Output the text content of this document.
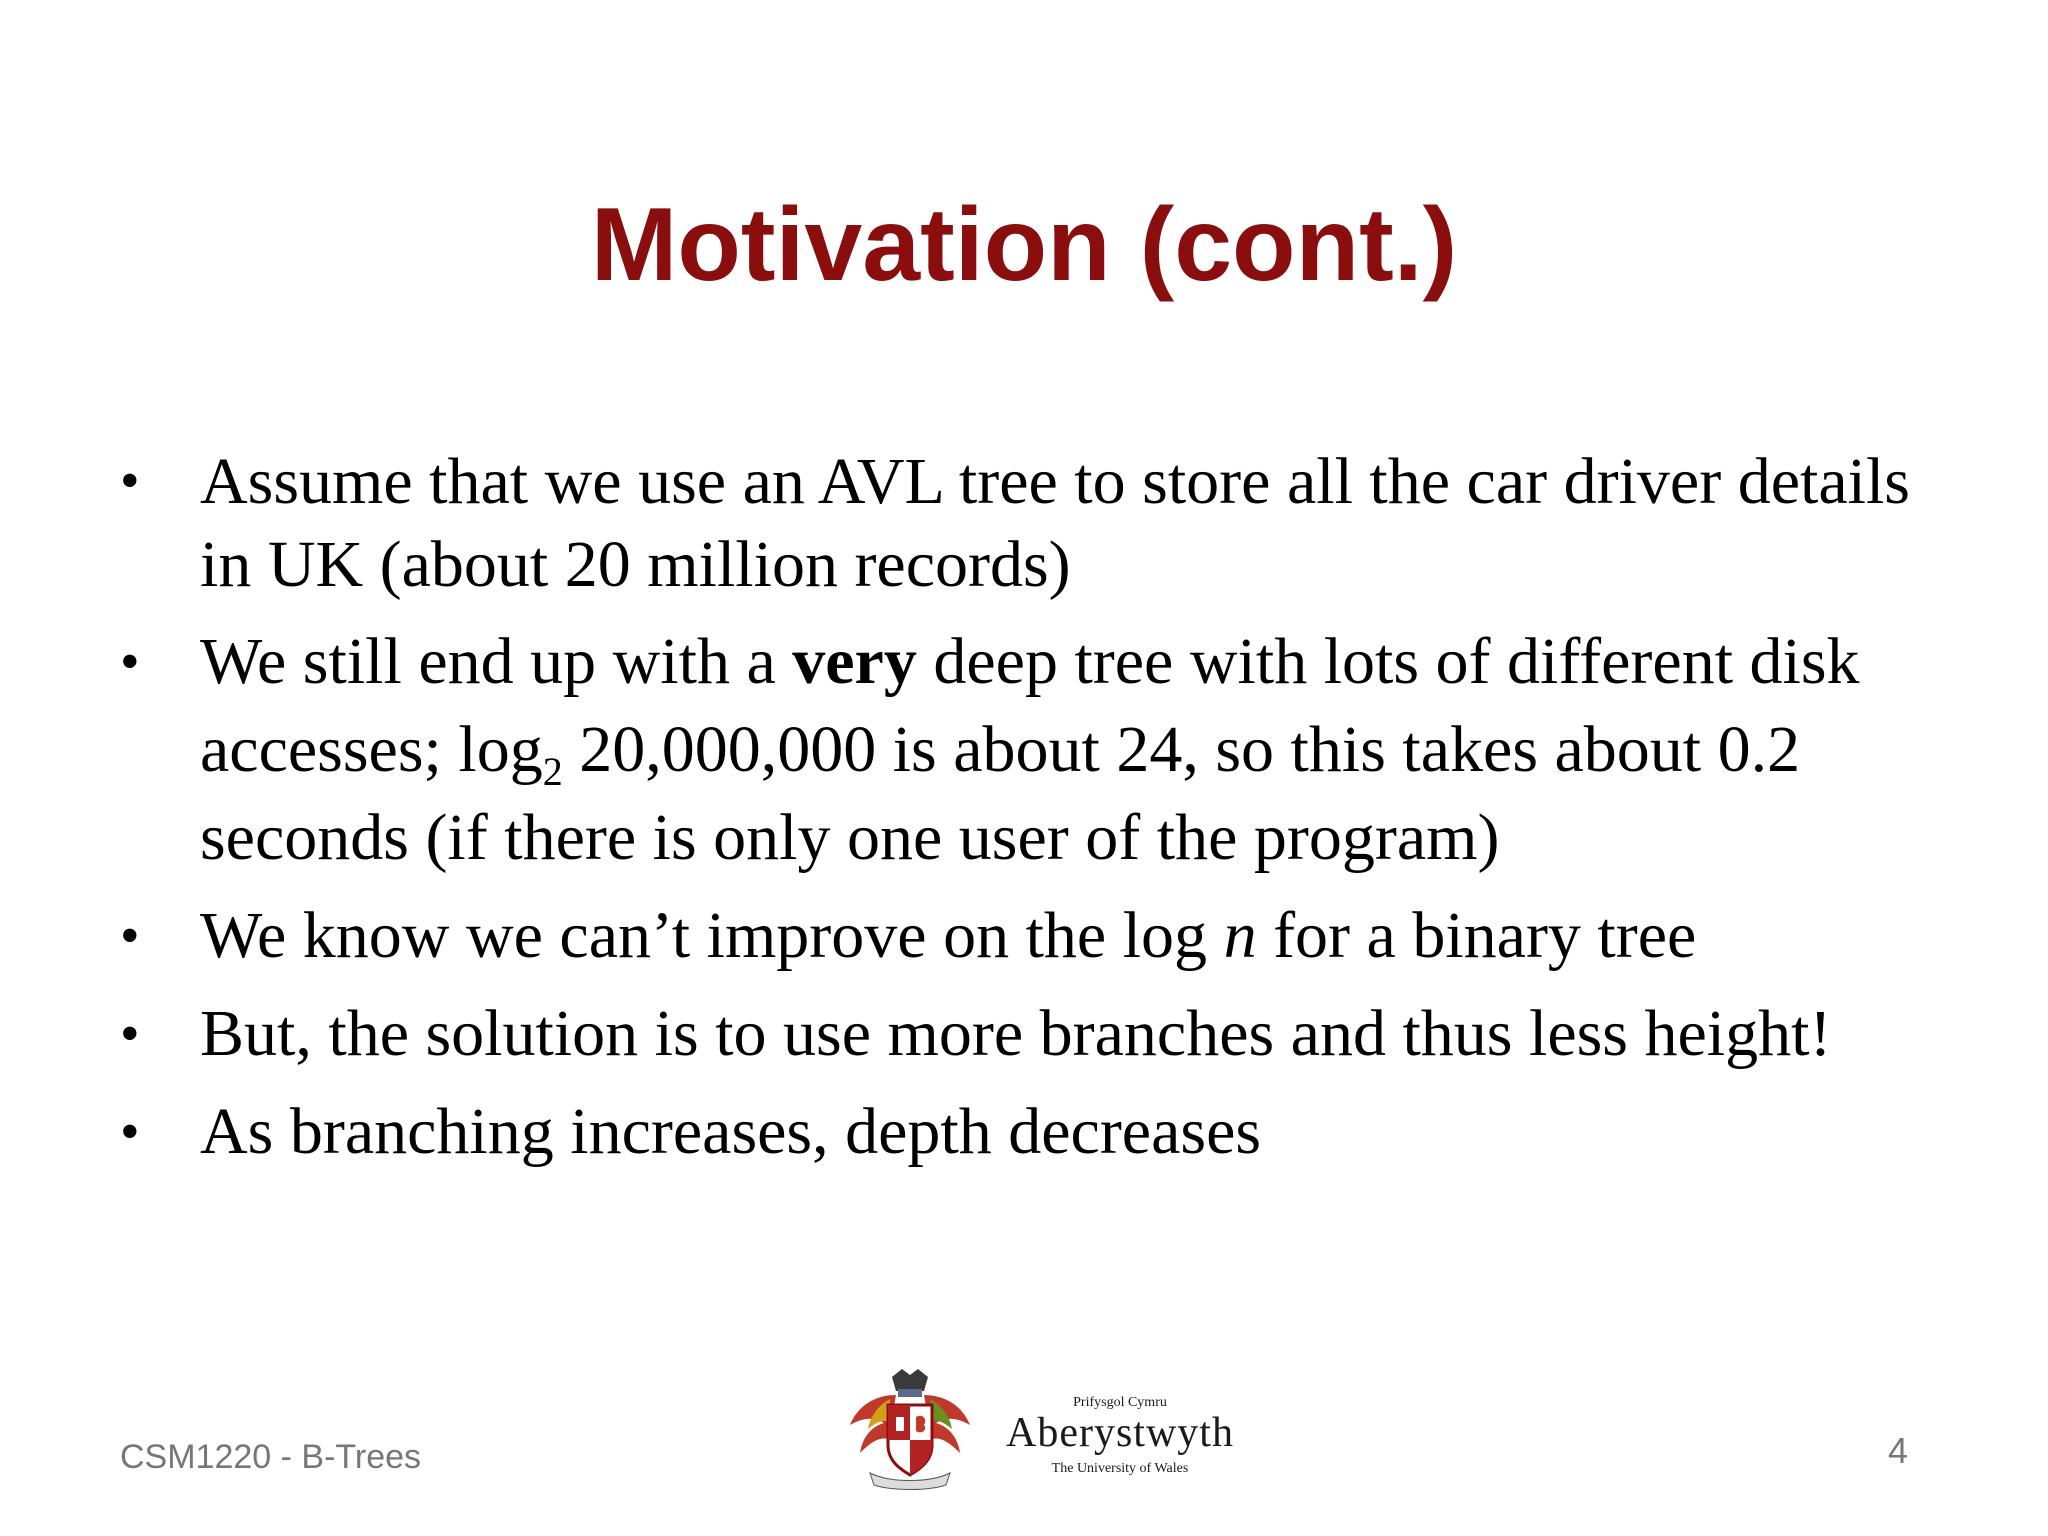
Motivation (cont.)
• Assume that we use an AVL tree to store all the car driver details in UK (about 20 million records)
• We still end up with a very deep tree with lots of different disk accesses; $\log_2 20,000,000$ is about 24, so this takes about 0.2 seconds (if there is only one user of the program)
• We know we can’t improve on the log n for a binary tree
• But, the solution is to use more branches and thus less height!
• As branching increases, depth decreases
CSM1220 - B-Trees
Prifysgol Cymru
Aberystwyth
The University of Wales	4
